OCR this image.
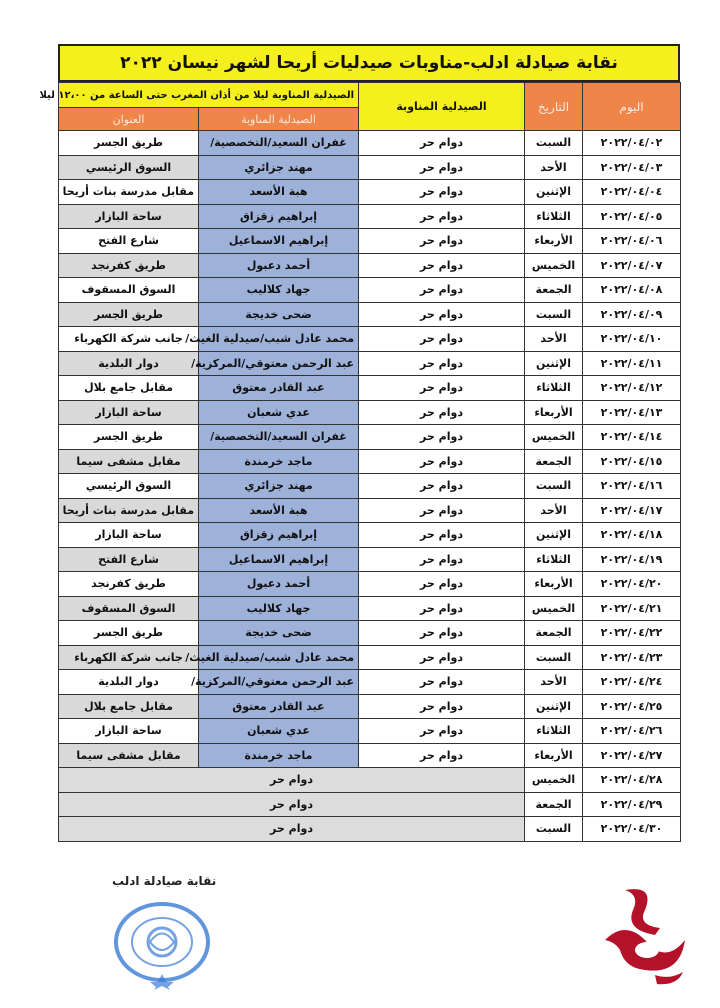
نقابة صيادلة ادلب-مناوبات صيدليات أريحا لشهر نيسان ٢٠٢٢
اليوم	التاريخ	الصيدلية المناوبة	الصيدلية المناوبة ليلا من أذان المغرب حتى الساعة من ١٢،٠٠ ليلا	
			الصيدلية المناوبة	العنوان
٢٠٢٢/٠٤/٠٢	السبت	دوام حر	غفران السعيد/التخصصية/	طريق الجسر
٢٠٢٢/٠٤/٠٣	الأحد	دوام حر	مهند جزائري	السوق الرئيسي
٢٠٢٢/٠٤/٠٤	الإثنين	دوام حر	هبة الأسعد	مقابل مدرسة بنات أريحا
٢٠٢٢/٠٤/٠٥	الثلاثاء	دوام حر	إبراهيم زقزاق	ساحة البازار
٢٠٢٢/٠٤/٠٦	الأربعاء	دوام حر	إبراهيم الاسماعيل	شارع الفتح
٢٠٢٢/٠٤/٠٧	الخميس	دوام حر	أحمد دعبول	طريق كفرنجد
٢٠٢٢/٠٤/٠٨	الجمعة	دوام حر	جهاد كلاليب	السوق المسقوف
٢٠٢٢/٠٤/٠٩	السبت	دوام حر	ضحى خديجة	طريق الجسر
٢٠٢٢/٠٤/١٠	الأحد	دوام حر	محمد عادل شبب/صيدلية الغيث/	جانب شركة الكهرباء
٢٠٢٢/٠٤/١١	الإثنين	دوام حر	عبد الرحمن معتوقي/المركزية/	دوار البلدية
٢٠٢٢/٠٤/١٢	الثلاثاء	دوام حر	عبد القادر معتوق	مقابل جامع بلال
٢٠٢٢/٠٤/١٣	الأربعاء	دوام حر	عدي شعبان	ساحة البازار
٢٠٢٢/٠٤/١٤	الخميس	دوام حر	غفران السعيد/التخصصية/	طريق الجسر
٢٠٢٢/٠٤/١٥	الجمعة	دوام حر	ماجد خرمندة	مقابل مشفى سيما
٢٠٢٢/٠٤/١٦	السبت	دوام حر	مهند جزائري	السوق الرئيسي
٢٠٢٢/٠٤/١٧	الأحد	دوام حر	هبة الأسعد	مقابل مدرسة بنات أريحا
٢٠٢٢/٠٤/١٨	الإثنين	دوام حر	إبراهيم زقزاق	ساحة البازار
٢٠٢٢/٠٤/١٩	الثلاثاء	دوام حر	إبراهيم الاسماعيل	شارع الفتح
٢٠٢٢/٠٤/٢٠	الأربعاء	دوام حر	أحمد دعبول	طريق كفرنجد
٢٠٢٢/٠٤/٢١	الخميس	دوام حر	جهاد كلاليب	السوق المسقوف
٢٠٢٢/٠٤/٢٢	الجمعة	دوام حر	ضحى خديجة	طريق الجسر
٢٠٢٢/٠٤/٢٣	السبت	دوام حر	محمد عادل شبب/صيدلية الغيث/	جانب شركة الكهرباء
٢٠٢٢/٠٤/٢٤	الأحد	دوام حر	عبد الرحمن معتوقي/المركزية/	دوار البلدية
٢٠٢٢/٠٤/٢٥	الإثنين	دوام حر	عبد القادر معتوق	مقابل جامع بلال
٢٠٢٢/٠٤/٢٦	الثلاثاء	دوام حر	عدي شعبان	ساحة البازار
٢٠٢٢/٠٤/٢٧	الأربعاء	دوام حر	ماجد خرمندة	مقابل مشفى سيما
٢٠٢٢/٠٤/٢٨	الخميس	دوام حر		
٢٠٢٢/٠٤/٢٩	الجمعة	دوام حر		
٢٠٢٢/٠٤/٣٠	السبت	دوام حر		
نقابة صيادلة ادلب
